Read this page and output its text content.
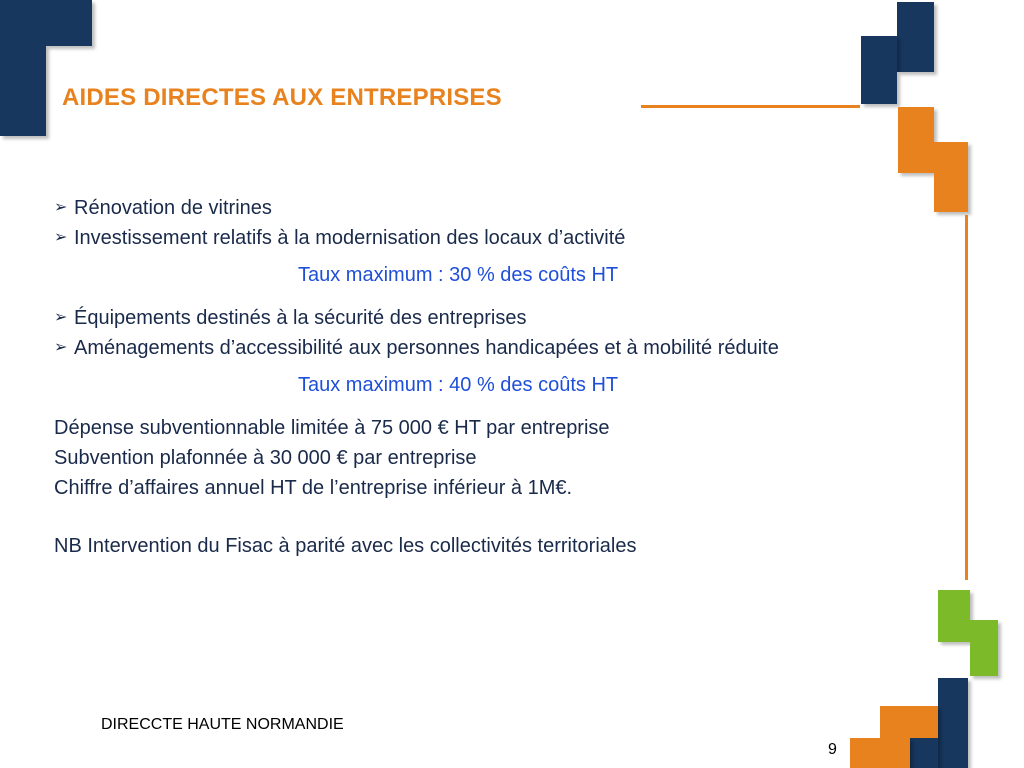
AIDES DIRECTES AUX ENTREPRISES
➢ Rénovation de vitrines
➢ Investissement relatifs à la modernisation des locaux d’activité
Taux maximum : 30 % des coûts HT
➢ Équipements destinés à la sécurité des entreprises
➢ Aménagements d’accessibilité aux personnes handicapées et à mobilité réduite
Taux maximum : 40 % des coûts HT
Dépense subventionnable limitée à 75 000 € HT par entreprise
Subvention plafonnée à 30 000 € par entreprise
Chiffre d’affaires annuel HT de l’entreprise inférieur à 1M€.
NB Intervention du Fisac à parité avec les collectivités territoriales
DIRECCTE HAUTE NORMANDIE
9
